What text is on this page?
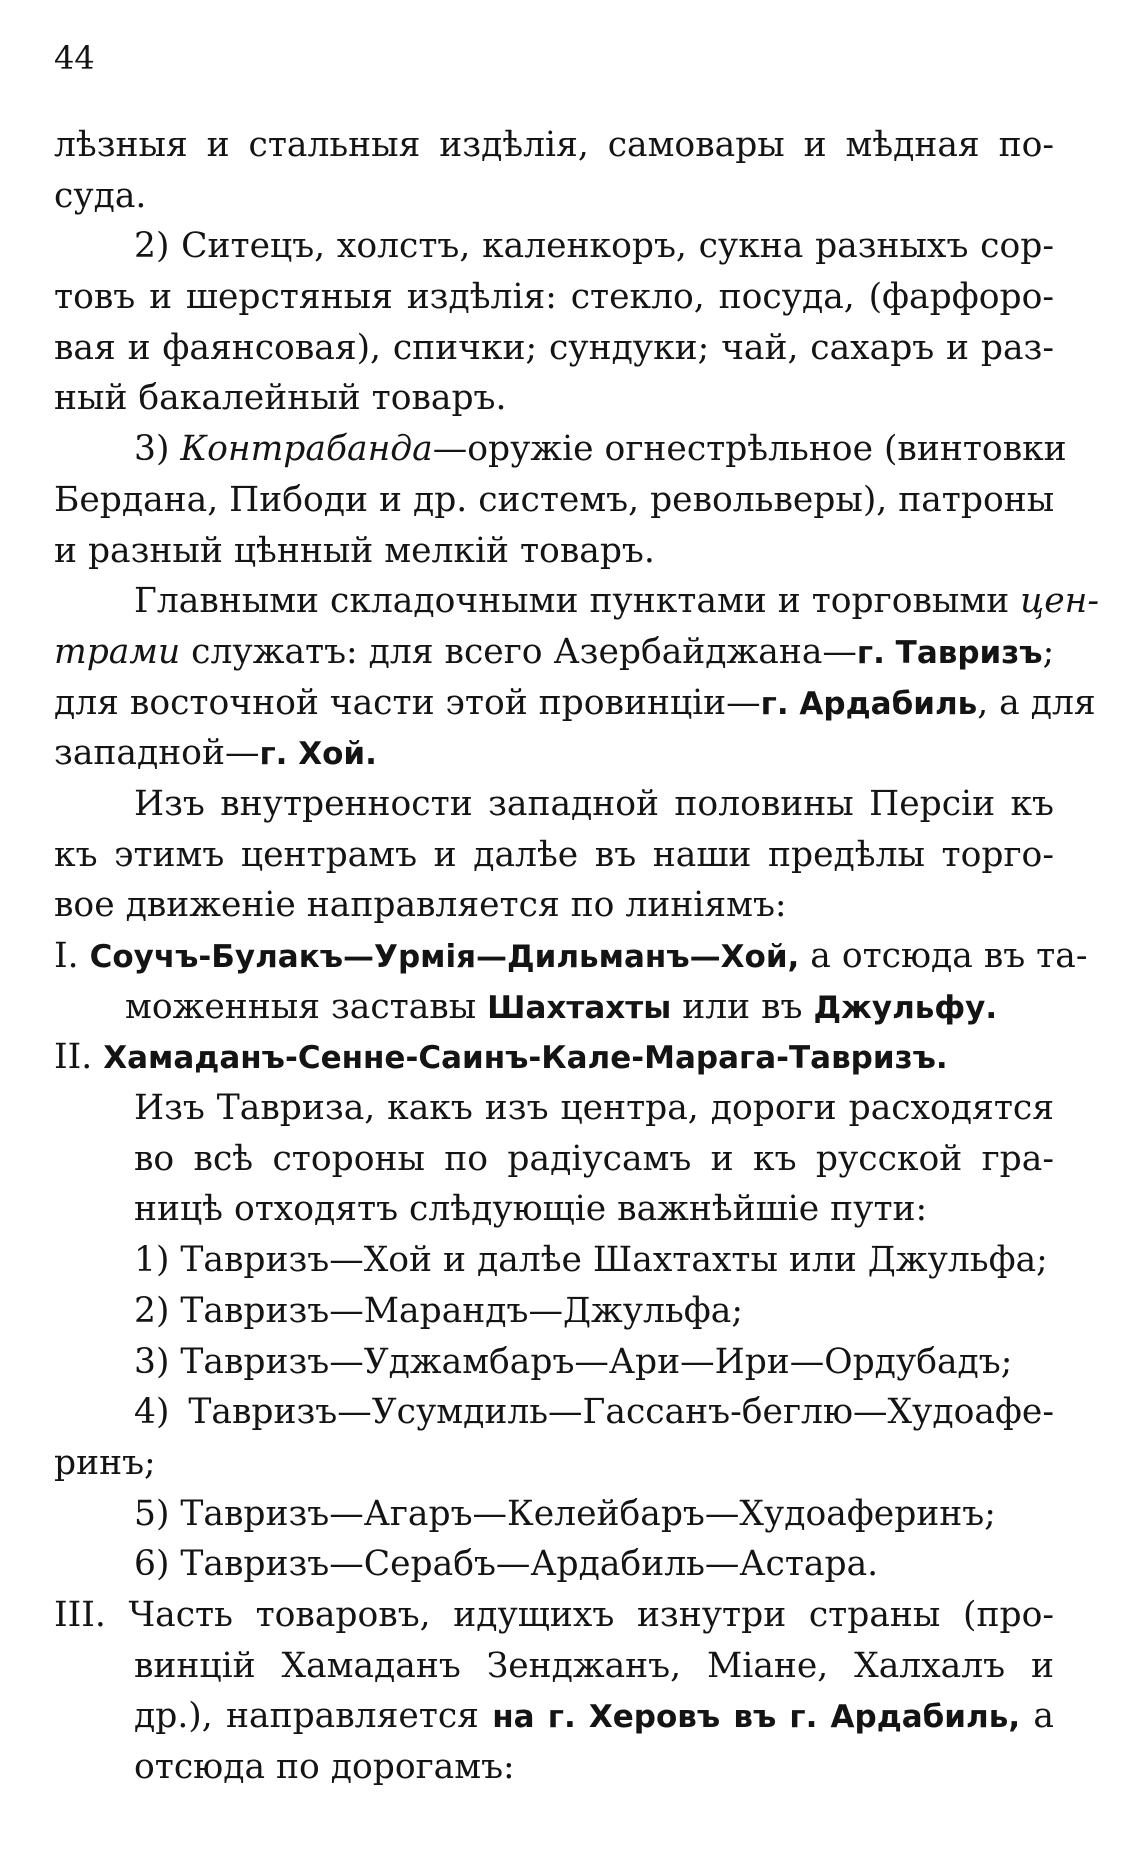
44
лѣзныя и стальныя издѣлія, самовары и мѣдная по-
суда.
2) Ситецъ, холстъ, каленкоръ, сукна разныхъ сор-
товъ и шерстяныя издѣлія: стекло, посуда, (фарфоро-
вая и фаянсовая), спички; сундуки; чай, сахаръ и раз-
ный бакалейный товаръ.
3) Контрабанда—оружіе огнестрѣльное (винтовки
Бердана, Пибоди и др. системъ, револьверы), патроны
и разный цѣнный мелкій товаръ.
Главными складочными пунктами и торговыми цен-
трами служатъ: для всего Азербайджана—г. Тавризъ;
для восточной части этой провинціи—г. Ардабиль, а для
западной—г. Хой.
Изъ внутренности западной половины Персіи къ
къ этимъ центрамъ и далѣе въ наши предѣлы торго-
вое движеніе направляется по линіямъ:
I. Соучъ-Булакъ—Урмія—Дильманъ—Хой, а отсюда въ та-
моженныя заставы Шахтахты или въ Джульфу.
II. Хамаданъ-Сенне-Саинъ-Кале-Марага-Тавризъ.
Изъ Тавриза, какъ изъ центра, дороги расходятся
во всѣ стороны по радіусамъ и къ русской гра-
ницѣ отходятъ слѣдующіе важнѣйшіе пути:
1) Тавризъ—Хой и далѣе Шахтахты или Джульфа;
2) Тавризъ—Марандъ—Джульфа;
3) Тавризъ—Уджамбаръ—Ари—Ири—Ордубадъ;
4) Тавризъ—Усумдиль—Гассанъ-беглю—Худоафе-
ринъ;
5) Тавризъ—Агаръ—Келейбаръ—Худоаферинъ;
6) Тавризъ—Серабъ—Ардабиль—Астара.
III. Часть товаровъ, идущихъ изнутри страны (про-
винцій Хамаданъ Зенджанъ, Міане, Халхалъ и
др.), направляется на г. Херовъ въ г. Ардабиль, а
отсюда по дорогамъ:
